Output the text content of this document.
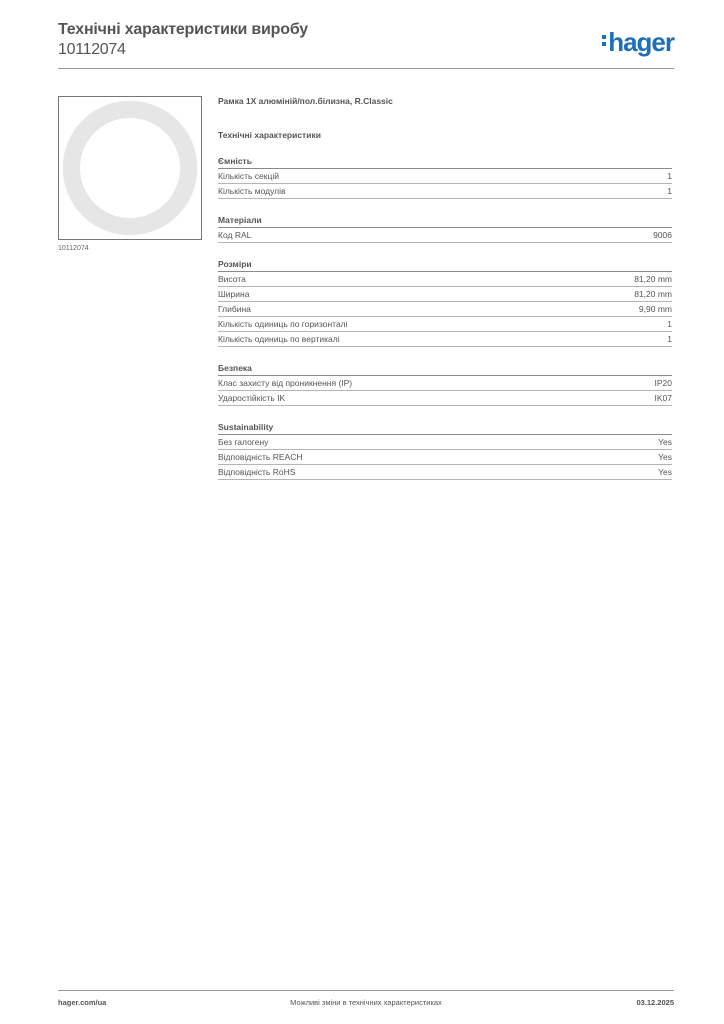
Технічні характеристики виробу
10112074	hager
10112074
Рамка 1Х алюміній/пол.білизна, R.Classic
Технічні характеристики
Ємність
Кількість секцій	1
Кількість модулів	1
Матеріали
Код RAL	9006
Розміри
Висота	81,20 mm
Ширина	81,20 mm
Глибина	9,90 mm
Кількість одиниць по горизонталі	1
Кількість одиниць по вертикалі	1
Безпека
Клас захисту від проникнення (IP)	IP20
Ударостійкість IK	IK07
Sustainability
Без галогену	Yes
Відповідність REACH	Yes
Відповідність RoHS	Yes
Можливі зміни в технічних характеристиках
hager.com/ua	03.12.2025
